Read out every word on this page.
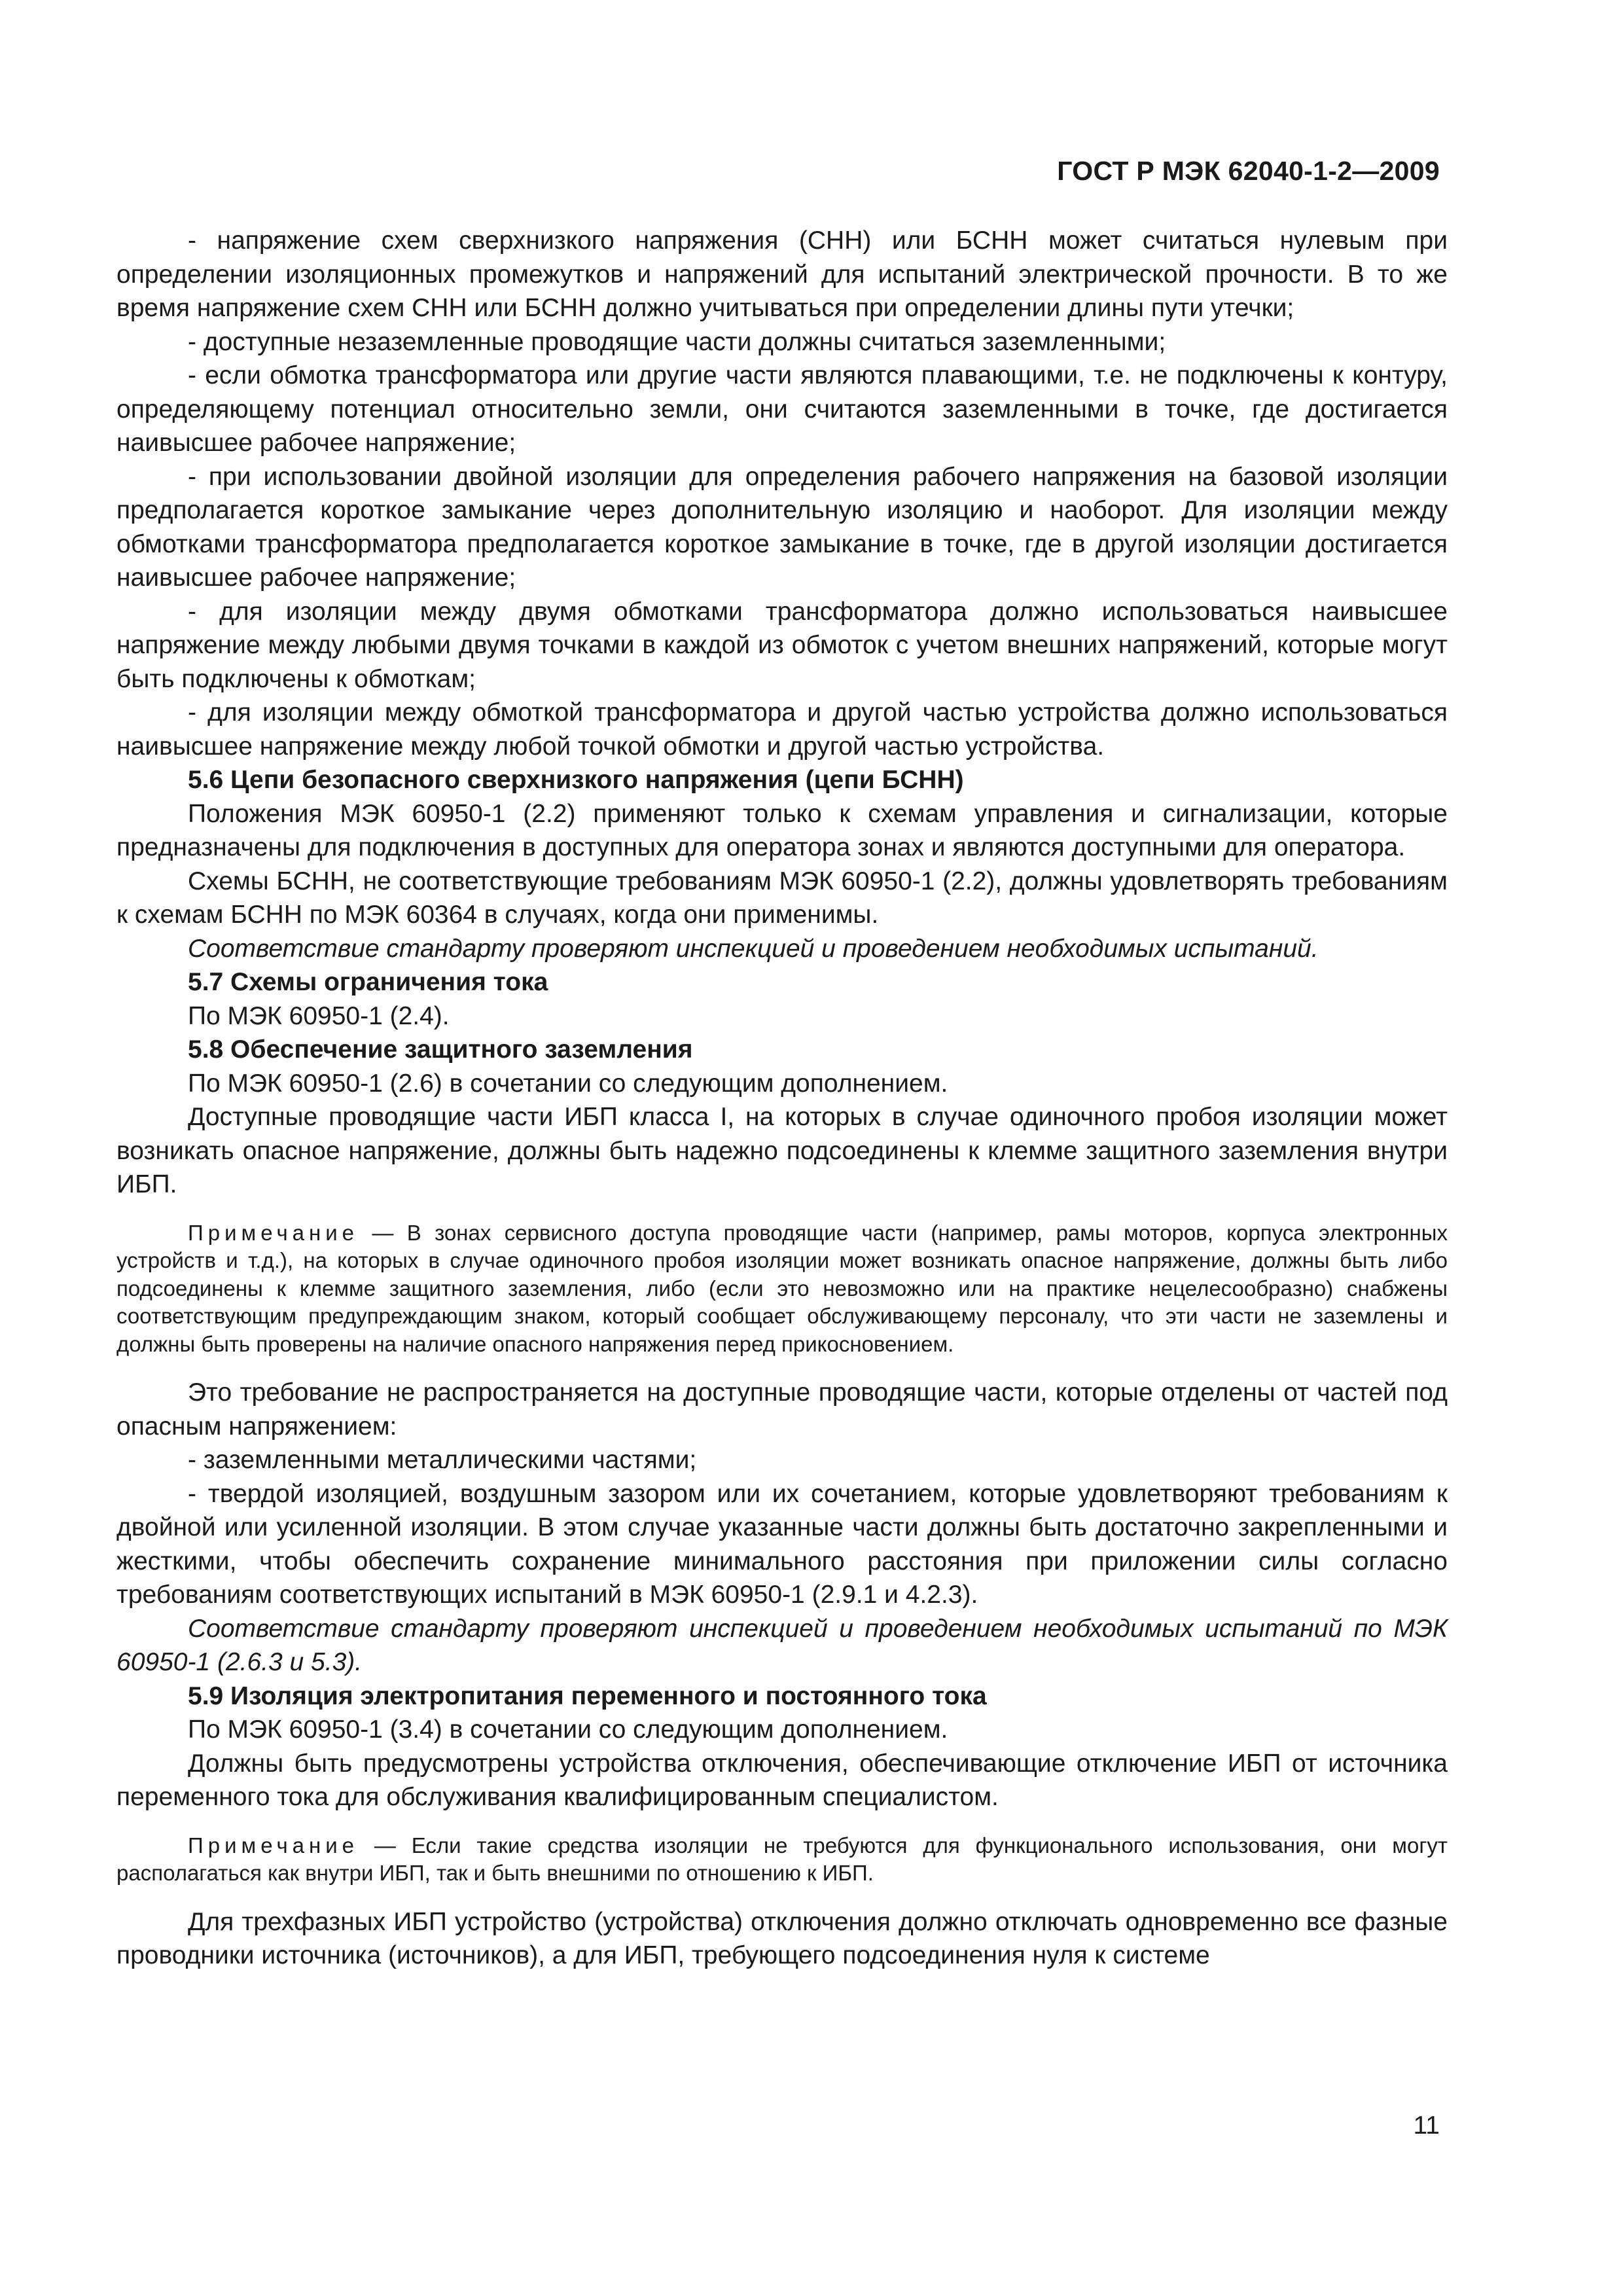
ГОСТ Р МЭК 62040-1-2—2009

- напряжение схем сверхнизкого напряжения (СНН) или БСНН может считаться нулевым при определении изоляционных промежутков и напряжений для испытаний электрической прочности. В то же время напряжение схем СНН или БСНН должно учитываться при определении длины пути утечки;

- доступные незаземленные проводящие части должны считаться заземленными;

- если обмотка трансформатора или другие части являются плавающими, т.е. не подключены к контуру, определяющему потенциал относительно земли, они считаются заземленными в точке, где достигается наивысшее рабочее напряжение;

- при использовании двойной изоляции для определения рабочего напряжения на базовой изоляции предполагается короткое замыкание через дополнительную изоляцию и наоборот. Для изоляции между обмотками трансформатора предполагается короткое замыкание в точке, где в другой изоляции достигается наивысшее рабочее напряжение;

- для изоляции между двумя обмотками трансформатора должно использоваться наивысшее напряжение между любыми двумя точками в каждой из обмоток с учетом внешних напряжений, которые могут быть подключены к обмоткам;

- для изоляции между обмоткой трансформатора и другой частью устройства должно использоваться наивысшее напряжение между любой точкой обмотки и другой частью устройства.

5.6 Цепи безопасного сверхнизкого напряжения (цепи БСНН)

Положения МЭК 60950-1 (2.2) применяют только к схемам управления и сигнализации, которые предназначены для подключения в доступных для оператора зонах и являются доступными для оператора.

Схемы БСНН, не соответствующие требованиям МЭК 60950-1 (2.2), должны удовлетворять требованиям к схемам БСНН по МЭК 60364 в случаях, когда они применимы.

Соответствие стандарту проверяют инспекцией и проведением необходимых испытаний.

5.7 Схемы ограничения тока

По МЭК 60950-1 (2.4).

5.8 Обеспечение защитного заземления

По МЭК 60950-1 (2.6) в сочетании со следующим дополнением.

Доступные проводящие части ИБП класса I, на которых в случае одиночного пробоя изоляции может возникать опасное напряжение, должны быть надежно подсоединены к клемме защитного заземления внутри ИБП.

Примечание — В зонах сервисного доступа проводящие части (например, рамы моторов, корпуса электронных устройств и т.д.), на которых в случае одиночного пробоя изоляции может возникать опасное напряжение, должны быть либо подсоединены к клемме защитного заземления, либо (если это невозможно или на практике нецелесообразно) снабжены соответствующим предупреждающим знаком, который сообщает обслуживающему персоналу, что эти части не заземлены и должны быть проверены на наличие опасного напряжения перед прикосновением.

Это требование не распространяется на доступные проводящие части, которые отделены от частей под опасным напряжением:

- заземленными металлическими частями;

- твердой изоляцией, воздушным зазором или их сочетанием, которые удовлетворяют требованиям к двойной или усиленной изоляции. В этом случае указанные части должны быть достаточно закрепленными и жесткими, чтобы обеспечить сохранение минимального расстояния при приложении силы согласно требованиям соответствующих испытаний в МЭК 60950-1 (2.9.1 и 4.2.3).

Соответствие стандарту проверяют инспекцией и проведением необходимых испытаний по МЭК 60950-1 (2.6.3 и 5.3).

5.9 Изоляция электропитания переменного и постоянного тока

По МЭК 60950-1 (3.4) в сочетании со следующим дополнением.

Должны быть предусмотрены устройства отключения, обеспечивающие отключение ИБП от источника переменного тока для обслуживания квалифицированным специалистом.

Примечание — Если такие средства изоляции не требуются для функционального использования, они могут располагаться как внутри ИБП, так и быть внешними по отношению к ИБП.

Для трехфазных ИБП устройство (устройства) отключения должно отключать одновременно все фазные проводники источника (источников), а для ИБП, требующего подсоединения нуля к системе

11
